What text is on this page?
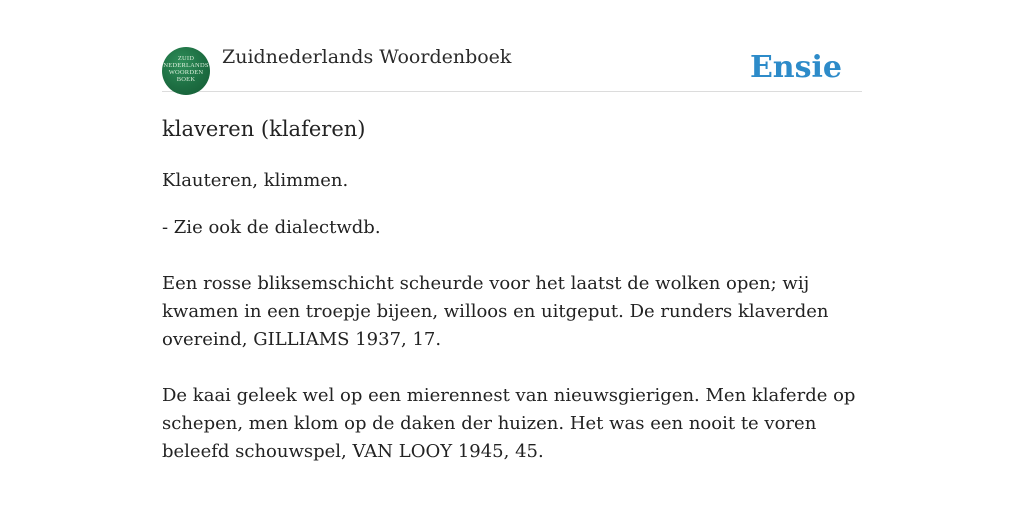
ZUID
NEDERLANDS
WOORDEN
BOEK
Zuidnederlands Woordenboek	Ensie
klaveren (klaferen)

Klauteren, klimmen.

- Zie ook de dialectwdb.

Een rosse bliksemschicht scheurde voor het laatst de wolken open; wij kwamen in een troepje bijeen, willoos en uitgeput. De runders klaverden overeind, GILLIAMS 1937, 17.

De kaai geleek wel op een mierennest van nieuwsgierigen. Men klaferde op schepen, men klom op de daken der huizen. Het was een nooit te voren beleefd schouwspel, VAN LOOY 1945, 45.
